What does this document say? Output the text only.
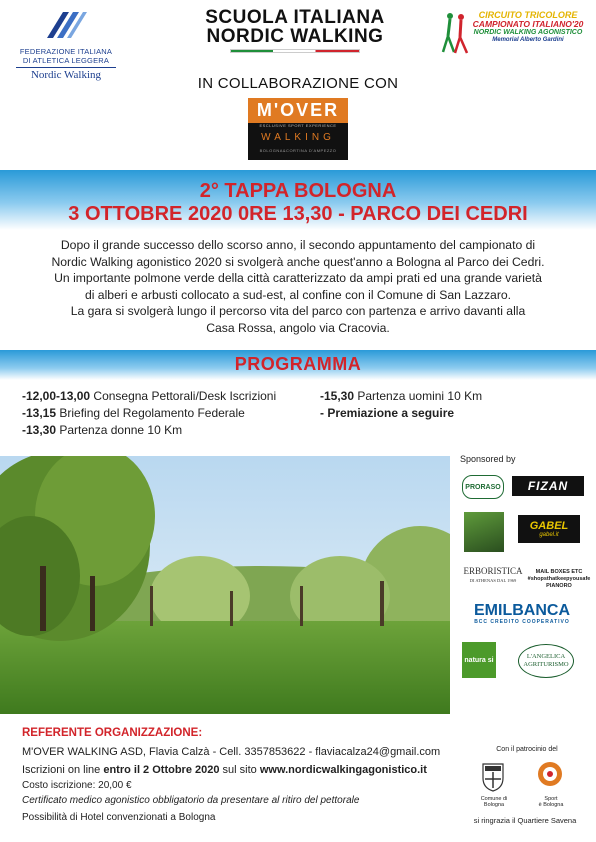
FEDERAZIONE ITALIANA
DI ATLETICA LEGGERA
Nordic Walking
SCUOLA ITALIANA
NORDIC WALKING
CIRCUITO TRICOLORE
CAMPIONATO ITALIANO'20
NORDIC WALKING AGONISTICO
Memorial Alberto Gardini
IN COLLABORAZIONE CON
M'OVER
ESCLUSIVE SPORT EXPERIENCE
WALKING
BOLOGNA&CORTINA D'AMPEZZO
2° TAPPA BOLOGNA
3 OTTOBRE 2020 0RE 13,30 - PARCO DEI CEDRI
Dopo il grande successo dello scorso anno, il secondo appuntamento del campionato di
Nordic Walking agonistico 2020 si svolgerà anche quest'anno a Bologna al Parco dei Cedri.
Un importante polmone verde della città caratterizzato da ampi prati ed una grande varietà
di alberi e arbusti collocato a sud-est, al confine con il Comune di San Lazzaro.
La gara si svolgerà lungo il percorso vita del parco con partenza e arrivo davanti alla
Casa Rossa, angolo via Cracovia.
PROGRAMMA
-12,00-13,00 Consegna Pettorali/Desk Iscrizioni
-13,15 Briefing del Regolamento Federale
-13,30 Partenza donne 10 Km
-15,30 Partenza uomini 10 Km
- Premiazione a seguire
Sponsored by
PRORASO	FIZAN
GABEL
gabel.it
ERBORISTICA
DI ATHENAS DAL 1969
MAIL BOXES ETC
#shopsthatkeepyousafe
PIANORO
EMILBANCA
BCC CREDITO COOPERATIVO
natura si	L'ANGELICA
AGRITURISMO
REFERENTE ORGANIZZAZIONE:
M'OVER WALKING ASD, Flavia Calzà - Cell. 3357853622 - flaviacalza24@gmail.com
Iscrizioni on line entro il 2 Ottobre 2020 sul sito www.nordicwalkingagonistico.it
Costo iscrizione: 20,00 €
Certificato medico agonistico obbligatorio da presentare al ritiro del pettorale
Possibilità di Hotel convenzionati a Bologna
Con il patrocinio del
Comune di Bologna
Sport
è Bologna
si ringrazia il Quartiere Savena
